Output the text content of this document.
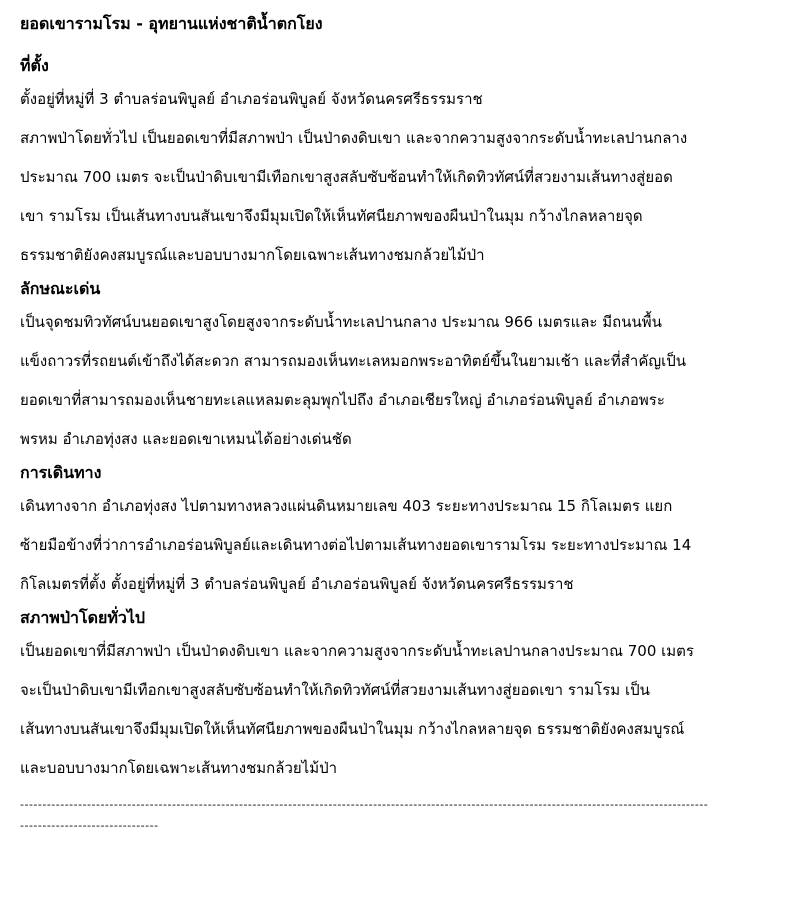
ยอดเขารามโรม - อุทยานแห่งชาติน้ำตกโยง
ที่ตั้ง
ตั้งอยู่ที่หมู่ที่ 3 ตำบลร่อนพิบูลย์ อำเภอร่อนพิบูลย์ จังหวัดนครศรีธรรมราช
สภาพป่าโดยทั่วไป เป็นยอดเขาที่มีสภาพป่า เป็นป่าดงดิบเขา และจากความสูงจากระดับน้ำทะเลปานกลาง
ประมาณ 700 เมตร จะเป็นป่าดิบเขามีเทือกเขาสูงสลับซับซ้อนทำให้เกิดทิวทัศน์ที่สวยงามเส้นทางสู่ยอด
เขา รามโรม เป็นเส้นทางบนสันเขาจึงมีมุมเปิดให้เห็นทัศนียภาพของผืนป่าในมุม กว้างไกลหลายจุด
ธรรมชาติยังคงสมบูรณ์และบอบบางมากโดยเฉพาะเส้นทางชมกล้วยไม้ป่า
ลักษณะเด่น
เป็นจุดชมทิวทัศน์บนยอดเขาสูงโดยสูงจากระดับน้ำทะเลปานกลาง ประมาณ 966 เมตรและ มีถนนพื้น
แข็งถาวรที่รถยนต์เข้าถึงได้สะดวก สามารถมองเห็นทะเลหมอกพระอาทิตย์ขึ้นในยามเช้า และที่สำคัญเป็น
ยอดเขาที่สามารถมองเห็นชายทะเลแหลมตะลุมพุกไปถึง อำเภอเชียรใหญ่ อำเภอร่อนพิบูลย์ อำเภอพระ
พรหม อำเภอทุ่งสง และยอดเขาเหมนได้อย่างเด่นชัด
การเดินทาง
เดินทางจาก อำเภอทุ่งสง ไปตามทางหลวงแผ่นดินหมายเลข 403 ระยะทางประมาณ 15 กิโลเมตร แยก
ซ้ายมือข้างที่ว่าการอำเภอร่อนพิบูลย์และเดินทางต่อไปตามเส้นทางยอดเขารามโรม ระยะทางประมาณ 14
กิโลเมตรที่ตั้ง ตั้งอยู่ที่หมู่ที่ 3 ตำบลร่อนพิบูลย์ อำเภอร่อนพิบูลย์ จังหวัดนครศรีธรรมราช
สภาพป่าโดยทั่วไป
เป็นยอดเขาที่มีสภาพป่า เป็นป่าดงดิบเขา และจากความสูงจากระดับน้ำทะเลปานกลางประมาณ 700 เมตร
จะเป็นป่าดิบเขามีเทือกเขาสูงสลับซับซ้อนทำให้เกิดทิวทัศน์ที่สวยงามเส้นทางสู่ยอดเขา รามโรม เป็น
เส้นทางบนสันเขาจึงมีมุมเปิดให้เห็นทัศนียภาพของผืนป่าในมุม กว้างไกลหลายจุด ธรรมชาติยังคงสมบูรณ์
และบอบบางมากโดยเฉพาะเส้นทางชมกล้วยไม้ป่า
----------------------------------------------------------------------------------------------------------------------------------------------------------
-------------------------------
